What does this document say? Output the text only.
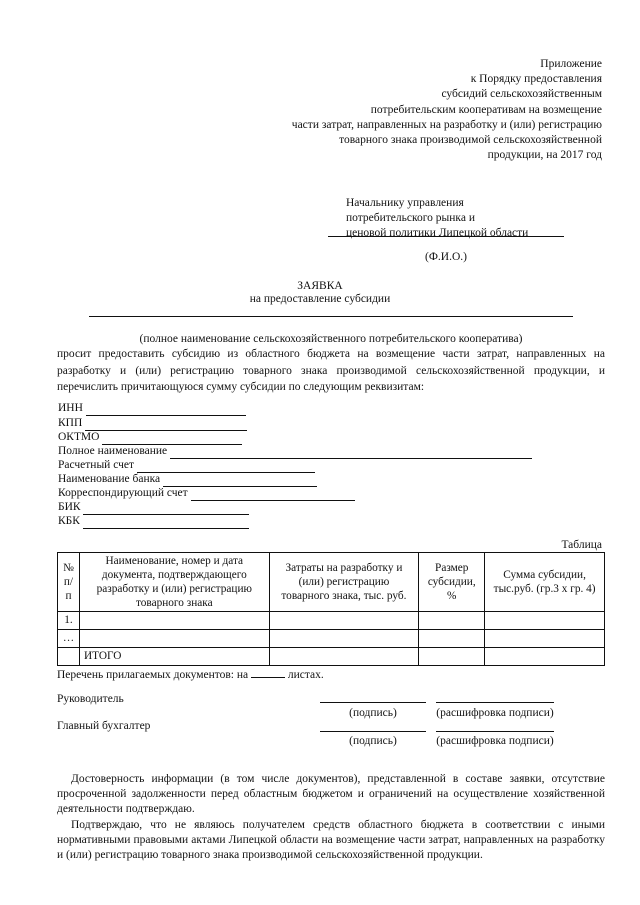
Приложение
к Порядку предоставления
субсидий сельскохозяйственным
потребительским кооперативам на возмещение
части затрат, направленных на разработку и (или) регистрацию
товарного знака производимой сельскохозяйственной
продукции, на 2017 год
Начальнику управления
потребительского рынка и
ценовой политики Липецкой области
(Ф.И.О.)
ЗАЯВКА
на предоставление субсидии
(полное наименование сельскохозяйственного потребительского кооператива)
просит предоставить субсидию из областного бюджета на возмещение части затрат, направленных на разработку и (или) регистрацию товарного знака производимой сельскохозяйственной продукции, и перечислить причитающуюся сумму субсидии по следующим реквизитам:
ИНН
КПП
ОКТМО
Полное наименование
Расчетный счет
Наименование банка
Корреспондирующий счет
БИК
КБК
Таблица
№ п/п	Наименование, номер и дата документа, подтверждающего разработку и (или) регистрацию товарного знака	Затраты на разработку и (или) регистрацию товарного знака, тыс. руб.	Размер субсидии, %	Сумма субсидии, тыс.руб. (гр.3 x гр. 4)
1.				
…				
	ИТОГО			
Перечень прилагаемых документов: на	листах.
Руководитель
(подпись)	(расшифровка подписи)
Главный бухгалтер
(подпись)	(расшифровка подписи)
Достоверность информации (в том числе документов), представленной в составе заявки, отсутствие просроченной задолженности перед областным бюджетом и ограничений на осуществление хозяйственной деятельности подтверждаю.
Подтверждаю, что не являюсь получателем средств областного бюджета в соответствии с иными нормативными правовыми актами Липецкой области на возмещение части затрат, направленных на разработку и (или) регистрацию товарного знака производимой сельскохозяйственной продукции.
